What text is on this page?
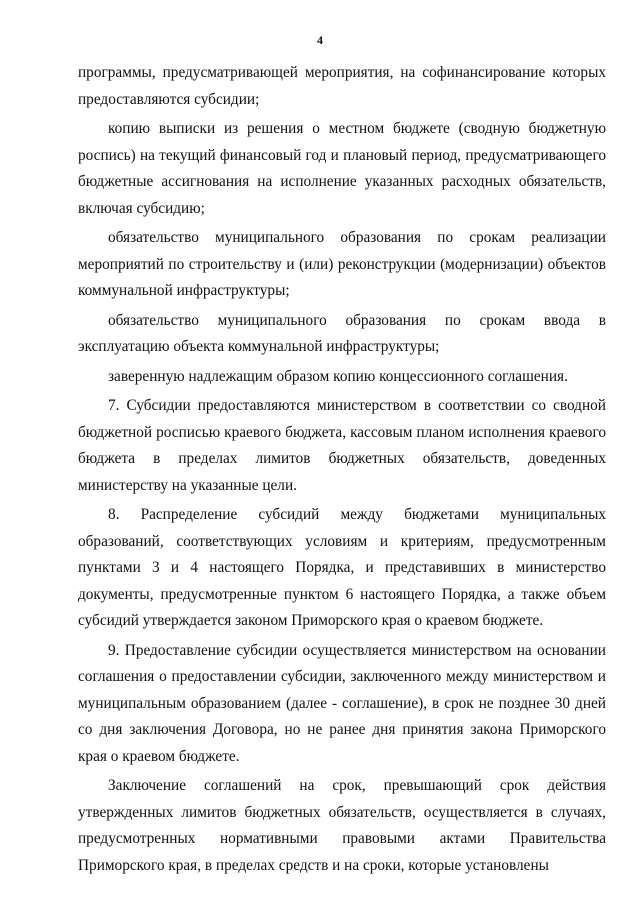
4

программы, предусматривающей мероприятия, на софинансирование которых предоставляются субсидии;

копию выписки из решения о местном бюджете (сводную бюджетную роспись) на текущий финансовый год и плановый период, предусматривающего бюджетные ассигнования на исполнение указанных расходных обязательств, включая субсидию;

обязательство муниципального образования по срокам реализации мероприятий по строительству и (или) реконструкции (модернизации) объектов коммунальной инфраструктуры;

обязательство муниципального образования по срокам ввода в эксплуатацию объекта коммунальной инфраструктуры;

заверенную надлежащим образом копию концессионного соглашения.

7. Субсидии предоставляются министерством в соответствии со сводной бюджетной росписью краевого бюджета, кассовым планом исполнения краевого бюджета в пределах лимитов бюджетных обязательств, доведенных министерству на указанные цели.

8. Распределение субсидий между бюджетами муниципальных образований, соответствующих условиям и критериям, предусмотренным пунктами 3 и 4 настоящего Порядка, и представивших в министерство документы, предусмотренные пунктом 6 настоящего Порядка, а также объем субсидий утверждается законом Приморского края о краевом бюджете.

9. Предоставление субсидии осуществляется министерством на основании соглашения о предоставлении субсидии, заключенного между министерством и муниципальным образованием (далее - соглашение), в срок не позднее 30 дней со дня заключения Договора, но не ранее дня принятия закона Приморского края о краевом бюджете.

Заключение соглашений на срок, превышающий срок действия утвержденных лимитов бюджетных обязательств, осуществляется в случаях, предусмотренных нормативными правовыми актами Правительства Приморского края, в пределах средств и на сроки, которые установлены
